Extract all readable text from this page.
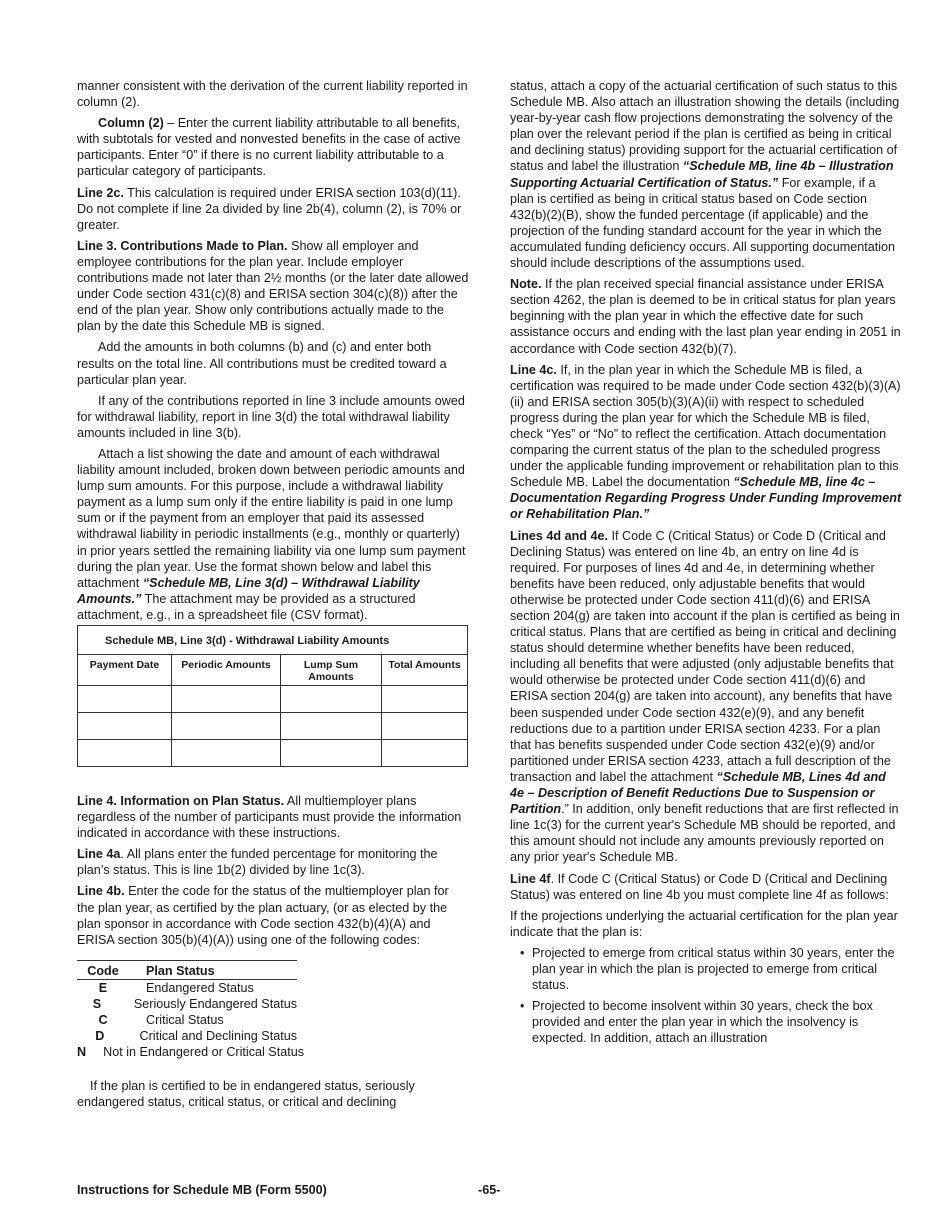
manner consistent with the derivation of the current liability reported in column (2).

Column (2) – Enter the current liability attributable to all benefits, with subtotals for vested and nonvested benefits in the case of active participants. Enter “0” if there is no current liability attributable to a particular category of participants.

Line 2c. This calculation is required under ERISA section 103(d)(11). Do not complete if line 2a divided by line 2b(4), column (2), is 70% or greater.

Line 3. Contributions Made to Plan. Show all employer and employee contributions for the plan year. Include employer contributions made not later than 2½ months (or the later date allowed under Code section 431(c)(8) and ERISA section 304(c)(8)) after the end of the plan year. Show only contributions actually made to the plan by the date this Schedule MB is signed.

Add the amounts in both columns (b) and (c) and enter both results on the total line. All contributions must be credited toward a particular plan year.

If any of the contributions reported in line 3 include amounts owed for withdrawal liability, report in line 3(d) the total withdrawal liability amounts included in line 3(b).

Attach a list showing the date and amount of each withdrawal liability amount included, broken down between periodic amounts and lump sum amounts. For this purpose, include a withdrawal liability payment as a lump sum only if the entire liability is paid in one lump sum or if the payment from an employer that paid its assessed withdrawal liability in periodic installments (e.g., monthly or quarterly) in prior years settled the remaining liability via one lump sum payment during the plan year. Use the format shown below and label this attachment “Schedule MB, Line 3(d) – Withdrawal Liability Amounts.” The attachment may be provided as a structured attachment, e.g., in a spreadsheet file (CSV format).

Schedule MB, Line 3(d) - Withdrawal Liability Amounts			
Payment Date	Periodic Amounts	Lump Sum Amounts	Total Amounts

Line 4. Information on Plan Status. All multiemployer plans regardless of the number of participants must provide the information indicated in accordance with these instructions.

Line 4a. All plans enter the funded percentage for monitoring the plan’s status. This is line 1b(2) divided by line 1c(3).

Line 4b. Enter the code for the status of the multiemployer plan for the plan year, as certified by the plan actuary, (or as elected by the plan sponsor in accordance with Code section 432(b)(4)(A) and ERISA section 305(b)(4)(A)) using one of the following codes:

Code	Plan Status
E	Endangered Status
S	Seriously Endangered Status
C	Critical Status
D	Critical and Declining Status
N	Not in Endangered or Critical Status

If the plan is certified to be in endangered status, seriously endangered status, critical status, or critical and declining

status, attach a copy of the actuarial certification of such status to this Schedule MB. Also attach an illustration showing the details (including year-by-year cash flow projections demonstrating the solvency of the plan over the relevant period if the plan is certified as being in critical and declining status) providing support for the actuarial certification of status and label the illustration “Schedule MB, line 4b – Illustration Supporting Actuarial Certification of Status.” For example, if a plan is certified as being in critical status based on Code section 432(b)(2)(B), show the funded percentage (if applicable) and the projection of the funding standard account for the year in which the accumulated funding deficiency occurs. All supporting documentation should include descriptions of the assumptions used.

Note. If the plan received special financial assistance under ERISA section 4262, the plan is deemed to be in critical status for plan years beginning with the plan year in which the effective date for such assistance occurs and ending with the last plan year ending in 2051 in accordance with Code section 432(b)(7).

Line 4c. If, in the plan year in which the Schedule MB is filed, a certification was required to be made under Code section 432(b)(3)(A)(ii) and ERISA section 305(b)(3)(A)(ii) with respect to scheduled progress during the plan year for which the Schedule MB is filed, check “Yes” or “No” to reflect the certification. Attach documentation comparing the current status of the plan to the scheduled progress under the applicable funding improvement or rehabilitation plan to this Schedule MB. Label the documentation “Schedule MB, line 4c – Documentation Regarding Progress Under Funding Improvement or Rehabilitation Plan.”

Lines 4d and 4e. If Code C (Critical Status) or Code D (Critical and Declining Status) was entered on line 4b, an entry on line 4d is required. For purposes of lines 4d and 4e, in determining whether benefits have been reduced, only adjustable benefits that would otherwise be protected under Code section 411(d)(6) and ERISA section 204(g) are taken into account if the plan is certified as being in critical status. Plans that are certified as being in critical and declining status should determine whether benefits have been reduced, including all benefits that were adjusted (only adjustable benefits that would otherwise be protected under Code section 411(d)(6) and ERISA section 204(g) are taken into account), any benefits that have been suspended under Code section 432(e)(9), and any benefit reductions due to a partition under ERISA section 4233. For a plan that has benefits suspended under Code section 432(e)(9) and/or partitioned under ERISA section 4233, attach a full description of the transaction and label the attachment “Schedule MB, Lines 4d and 4e – Description of Benefit Reductions Due to Suspension or Partition.” In addition, only benefit reductions that are first reflected in line 1c(3) for the current year's Schedule MB should be reported, and this amount should not include any amounts previously reported on any prior year's Schedule MB.

Line 4f. If Code C (Critical Status) or Code D (Critical and Declining Status) was entered on line 4b you must complete line 4f as follows:

If the projections underlying the actuarial certification for the plan year indicate that the plan is:

• Projected to emerge from critical status within 30 years, enter the plan year in which the plan is projected to emerge from critical status.
• Projected to become insolvent within 30 years, check the box provided and enter the plan year in which the insolvency is expected. In addition, attach an illustration
Instructions for Schedule MB (Form 5500)	-65-
